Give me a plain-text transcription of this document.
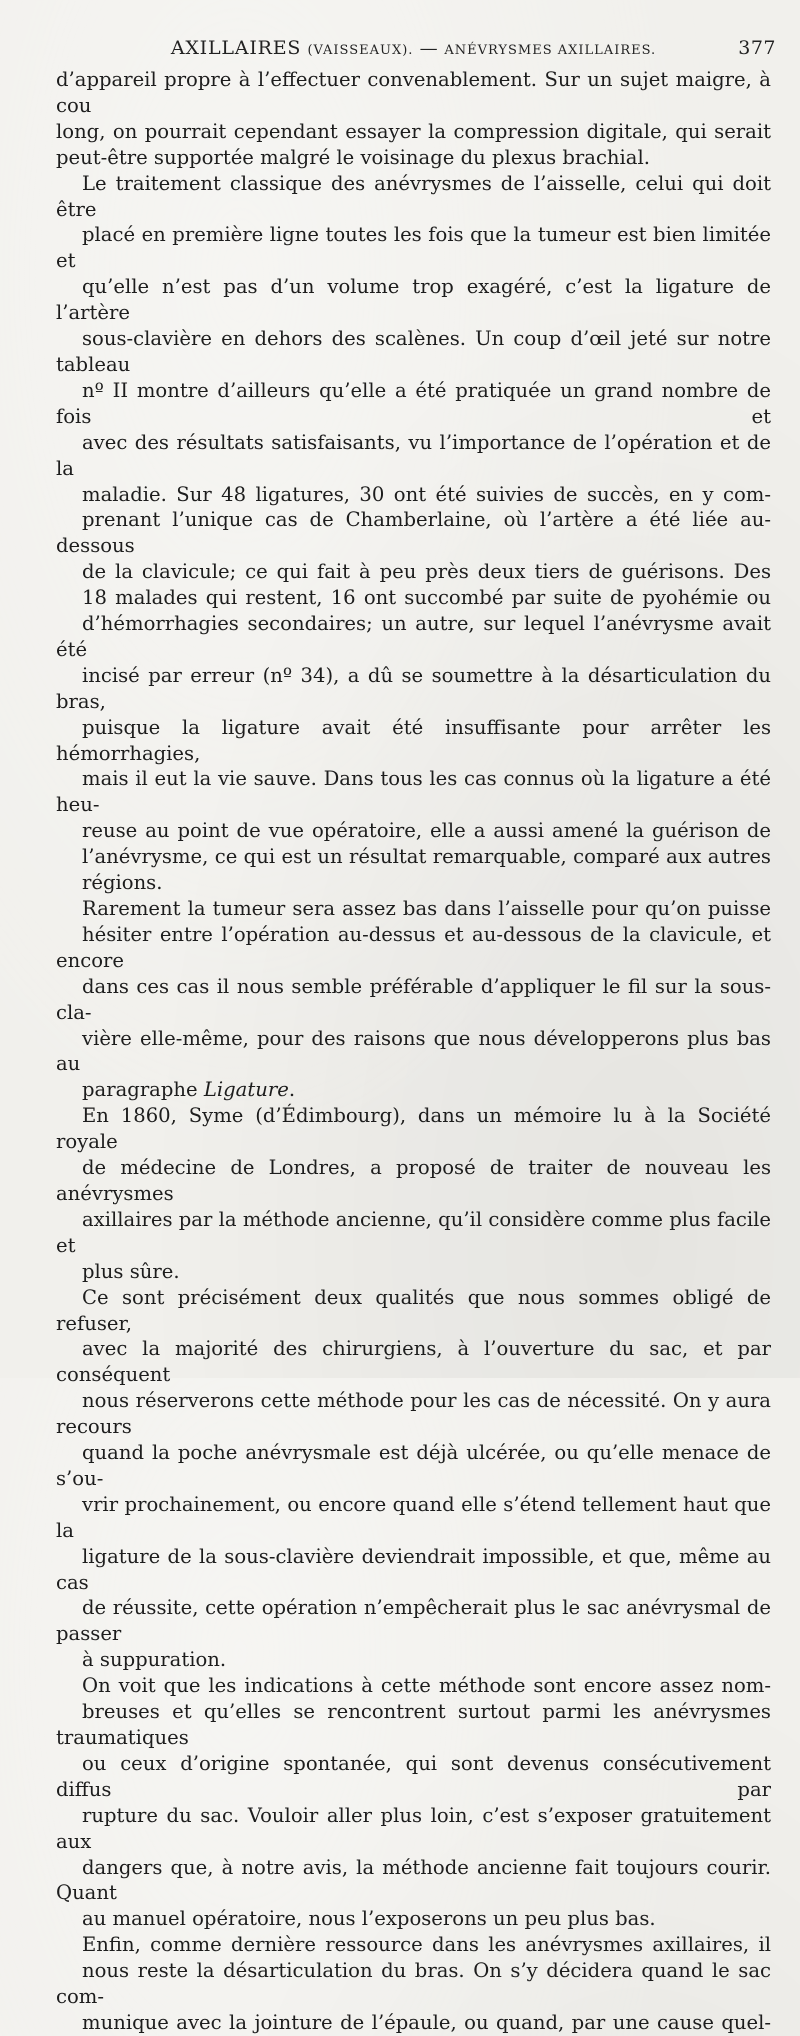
AXILLAIRES (VAISSEAUX). — ANÉVRYSMES AXILLAIRES.	377

d’appareil propre à l’effectuer convenablement. Sur un sujet maigre, à cou
long, on pourrait cependant essayer la compression digitale, qui serait
peut-être supportée malgré le voisinage du plexus brachial.

Le traitement classique des anévrysmes de l’aisselle, celui qui doit être
placé en première ligne toutes les fois que la tumeur est bien limitée et
qu’elle n’est pas d’un volume trop exagéré, c’est la ligature de l’artère
sous-clavière en dehors des scalènes. Un coup d’œil jeté sur notre tableau
nº II montre d’ailleurs qu’elle a été pratiquée un grand nombre de fois et
avec des résultats satisfaisants, vu l’importance de l’opération et de la
maladie. Sur 48 ligatures, 30 ont été suivies de succès, en y com-
prenant l’unique cas de Chamberlaine, où l’artère a été liée au-dessous
de la clavicule; ce qui fait à peu près deux tiers de guérisons. Des
18 malades qui restent, 16 ont succombé par suite de pyohémie ou
d’hémorrhagies secondaires; un autre, sur lequel l’anévrysme avait été
incisé par erreur (nº 34), a dû se soumettre à la désarticulation du bras,
puisque la ligature avait été insuffisante pour arrêter les hémorrhagies,
mais il eut la vie sauve. Dans tous les cas connus où la ligature a été heu-
reuse au point de vue opératoire, elle a aussi amené la guérison de
l’anévrysme, ce qui est un résultat remarquable, comparé aux autres
régions.

Rarement la tumeur sera assez bas dans l’aisselle pour qu’on puisse
hésiter entre l’opération au-dessus et au-dessous de la clavicule, et encore
dans ces cas il nous semble préférable d’appliquer le fil sur la sous-cla-
vière elle-même, pour des raisons que nous développerons plus bas au
paragraphe Ligature.

En 1860, Syme (d’Édimbourg), dans un mémoire lu à la Société royale
de médecine de Londres, a proposé de traiter de nouveau les anévrysmes
axillaires par la méthode ancienne, qu’il considère comme plus facile et
plus sûre.

Ce sont précisément deux qualités que nous sommes obligé de refuser,
avec la majorité des chirurgiens, à l’ouverture du sac, et par conséquent
nous réserverons cette méthode pour les cas de nécessité. On y aura recours
quand la poche anévrysmale est déjà ulcérée, ou qu’elle menace de s’ou-
vrir prochainement, ou encore quand elle s’étend tellement haut que la
ligature de la sous-clavière deviendrait impossible, et que, même au cas
de réussite, cette opération n’empêcherait plus le sac anévrysmal de passer
à suppuration.

On voit que les indications à cette méthode sont encore assez nom-
breuses et qu’elles se rencontrent surtout parmi les anévrysmes traumatiques
ou ceux d’origine spontanée, qui sont devenus consécutivement diffus par
rupture du sac. Vouloir aller plus loin, c’est s’exposer gratuitement aux
dangers que, à notre avis, la méthode ancienne fait toujours courir. Quant
au manuel opératoire, nous l’exposerons un peu plus bas.

Enfin, comme dernière ressource dans les anévrysmes axillaires, il
nous reste la désarticulation du bras. On s’y décidera quand le sac com-
munique avec la jointure de l’épaule, ou quand, par une cause quel-
